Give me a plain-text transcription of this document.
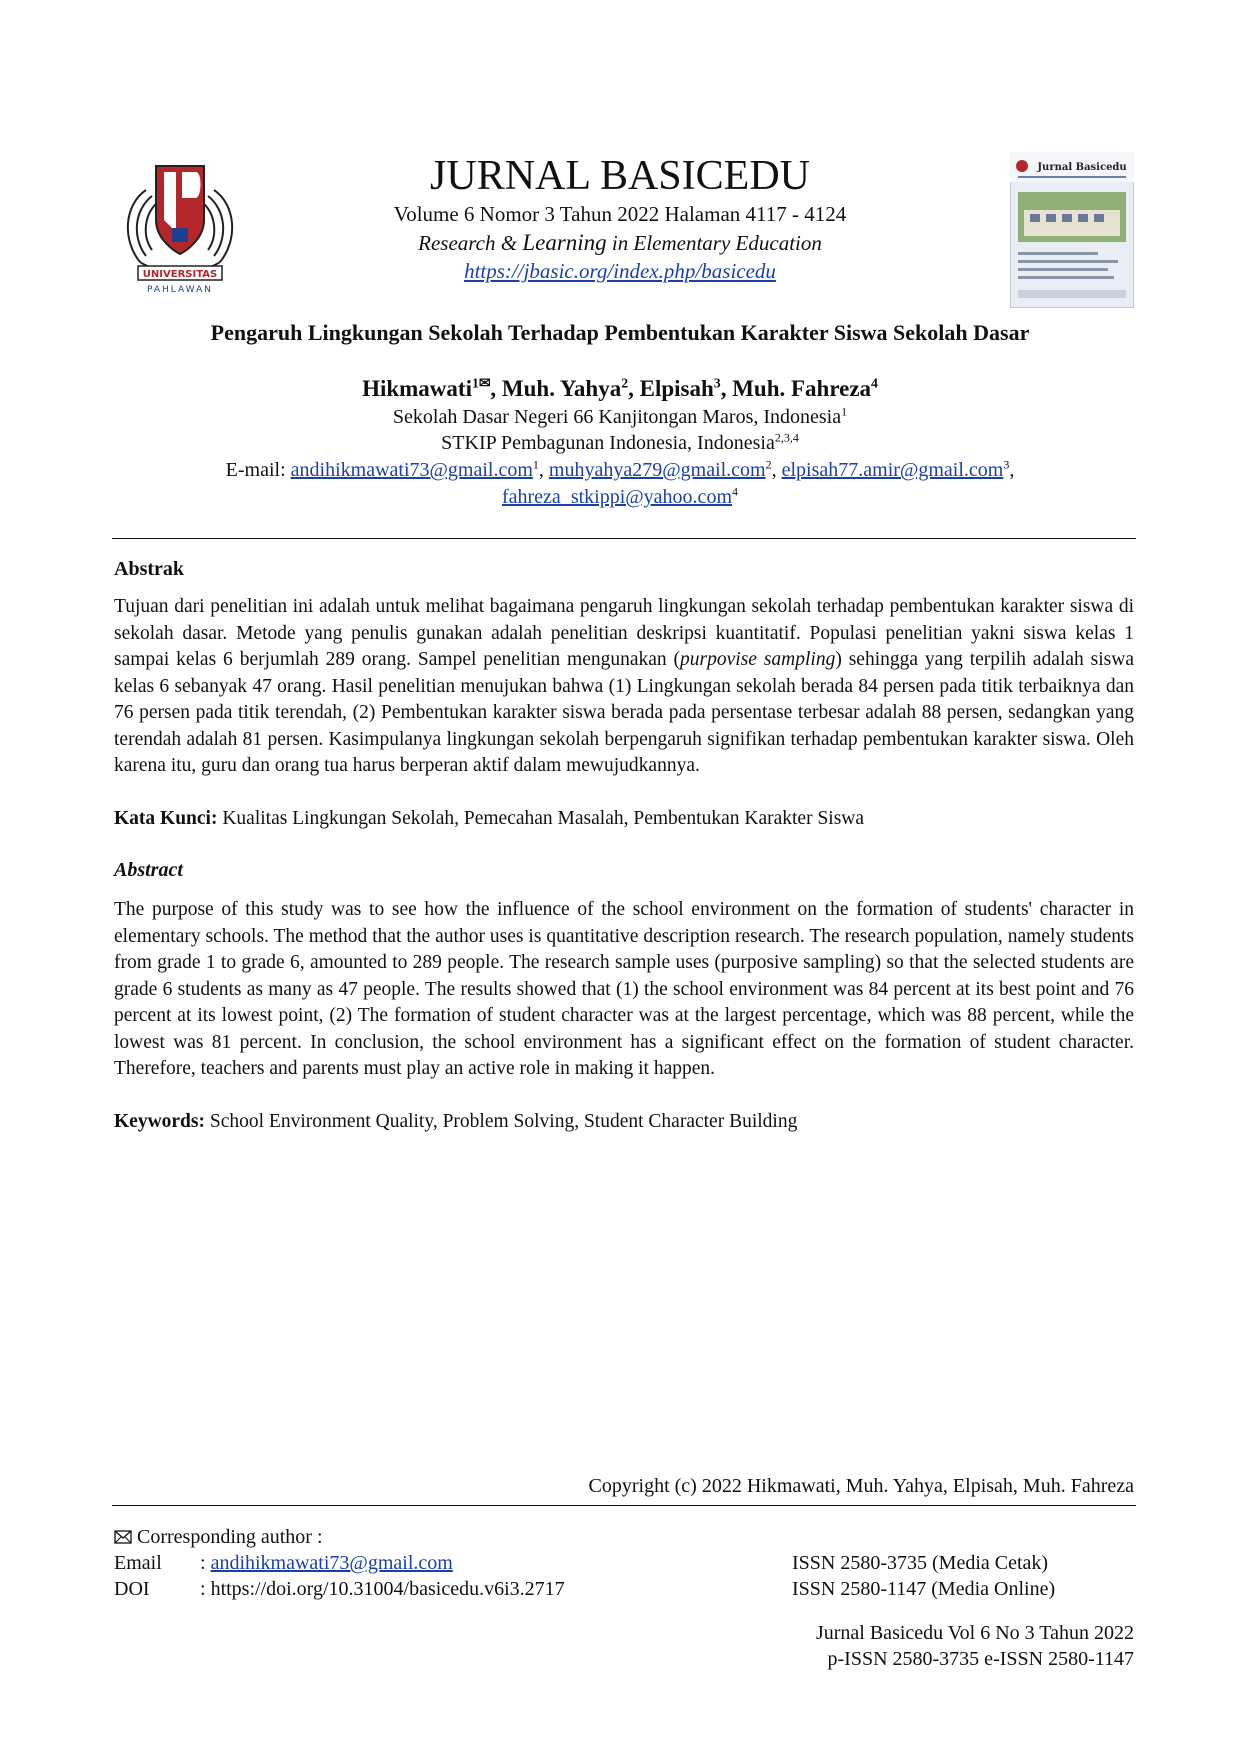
UNIVERSITAS
PAHLAWAN
Jurnal Basicedu
JURNAL BASICEDU
Volume 6 Nomor 3 Tahun 2022 Halaman 4117 - 4124
Research & Learning in Elementary Education
https://jbasic.org/index.php/basicedu
Pengaruh Lingkungan Sekolah Terhadap Pembentukan Karakter Siswa Sekolah Dasar
Hikmawati$^{1✉}$, Muh. Yahya$^2$, Elpisah$^3$, Muh. Fahreza$^4$
Sekolah Dasar Negeri 66 Kanjitongan Maros, Indonesia$^1$
STKIP Pembagunan Indonesia, Indonesia$^{2,3,4}$
E-mail: andihikmawati73@gmail.com$^1$, muhyahya279@gmail.com$^2$, elpisah77.amir@gmail.com$^3$,
fahreza_stkippi@yahoo.com$^4$
Abstrak
Tujuan dari penelitian ini adalah untuk melihat bagaimana pengaruh lingkungan sekolah terhadap pembentukan karakter siswa di sekolah dasar. Metode yang penulis gunakan adalah penelitian deskripsi kuantitatif. Populasi penelitian yakni siswa kelas 1 sampai kelas 6 berjumlah 289 orang. Sampel penelitian mengunakan (purpovise sampling) sehingga yang terpilih adalah siswa kelas 6 sebanyak 47 orang. Hasil penelitian menujukan bahwa (1) Lingkungan sekolah berada 84 persen pada titik terbaiknya dan 76 persen pada titik terendah, (2) Pembentukan karakter siswa berada pada persentase terbesar adalah 88 persen, sedangkan yang terendah adalah 81 persen. Kasimpulanya lingkungan sekolah berpengaruh signifikan terhadap pembentukan karakter siswa. Oleh karena itu, guru dan orang tua harus berperan aktif dalam mewujudkannya.
Kata Kunci: Kualitas Lingkungan Sekolah, Pemecahan Masalah, Pembentukan Karakter Siswa
Abstract
The purpose of this study was to see how the influence of the school environment on the formation of students' character in elementary schools. The method that the author uses is quantitative description research. The research population, namely students from grade 1 to grade 6, amounted to 289 people. The research sample uses (purposive sampling) so that the selected students are grade 6 students as many as 47 people. The results showed that (1) the school environment was 84 percent at its best point and 76 percent at its lowest point, (2) The formation of student character was at the largest percentage, which was 88 percent, while the lowest was 81 percent. In conclusion, the school environment has a significant effect on the formation of student character. Therefore, teachers and parents must play an active role in making it happen.
Keywords: School Environment Quality, Problem Solving, Student Character Building
Copyright (c) 2022 Hikmawati, Muh. Yahya, Elpisah, Muh. Fahreza
Corresponding author :
Email : andihikmawati73@gmail.com
DOI	: https://doi.org/10.31004/basicedu.v6i3.2717
ISSN 2580-3735 (Media Cetak)
ISSN 2580-1147 (Media Online)
Jurnal Basicedu Vol 6 No 3 Tahun 2022
p-ISSN 2580-3735 e-ISSN 2580-1147
